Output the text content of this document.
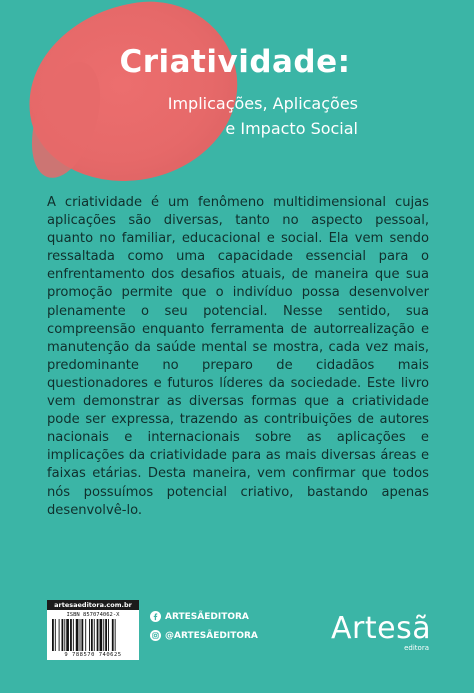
Criatividade:
Implicações, Aplicações
e Impacto Social

A criatividade é um fenômeno multidimensional cujas aplicações são diversas, tanto no aspecto pessoal, quanto no familiar, educacional e social. Ela vem sendo ressaltada como uma capacidade essencial para o enfrentamento dos desafios atuais, de maneira que sua promoção permite que o indivíduo possa desenvolver plenamente o seu potencial. Nesse sentido, sua compreensão enquanto ferramenta de autorrealização e manutenção da saúde mental se mostra, cada vez mais, predominante no preparo de cidadãos mais questionadores e futuros líderes da sociedade. Este livro vem demonstrar as diversas formas que a criatividade pode ser expressa, trazendo as contribuições de autores nacionais e internacionais sobre as aplicações e implicações da criatividade para as mais diversas áreas e faixas etárias. Desta maneira, vem confirmar que todos nós possuímos potencial criativo, bastando apenas desenvolvê-lo.

artesaeditora.com.br
ISBN 857074062-X
9 788570 740625
ARTESÃEDITORA
@ARTESÃEDITORA Artesã
editora
